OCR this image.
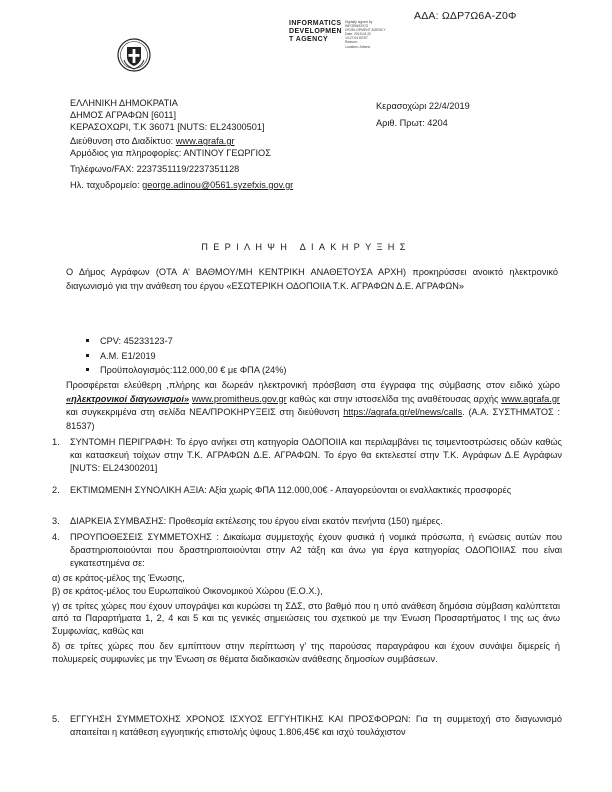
ΑΔΑ: ΩΔΡ7Ω6Α-Ζ0Φ
INFORMATICS
DEVELOPMEN
T AGENCY
Digitally signed by
INFORMATICS
DEVELOPMENT AGENCY
Date: 2019.04.22
13:27:04 EEST
Reason:
Location: Athens
ΕΛΛΗΝΙΚΗ ΔΗΜΟΚΡΑΤΙΑ
ΔΗΜΟΣ ΑΓΡΑΦΩΝ [6011]
ΚΕΡΑΣΟΧΩΡΙ, Τ.Κ 36071 [NUTS: EL24300501]
Διεύθυνση στο Διαδίκτυο: www.agrafa.gr
Αρμόδιος για πληροφορίες: ΑΝΤΙΝΟΥ ΓΕΩΡΓΙΟΣ
Τηλέφωνο/FAX: 2237351119/2237351128
Ηλ. ταχυδρομείο: george.adinou@0561.syzefxis.gov.gr
Κερασοχώρι 22/4/2019
Αριθ. Πρωτ: 4204
ΠΕΡΙΛΗΨΗ ΔΙΑΚΗΡΥΞΗΣ
Ο Δήμος Αγράφων (ΟΤΑ Α’ ΒΑΘΜΟΥ/ΜΗ ΚΕΝΤΡΙΚΗ ΑΝΑΘΕΤΟΥΣΑ ΑΡΧΗ) προκηρύσσει ανοικτό ηλεκτρονικό διαγωνισμό για την ανάθεση του έργου «ΕΣΩΤΕΡΙΚΗ ΟΔΟΠΟΙΙΑ Τ.Κ. ΑΓΡΑΦΩΝ Δ.Ε. ΑΓΡΑΦΩΝ»
CPV: 45233123-7
Α.Μ. Ε1/2019
Προϋπολογισμός:112.000,00 € με ΦΠΑ (24%)
Προσφέρεται ελεύθερη ,πλήρης και δωρεάν ηλεκτρονική πρόσβαση στα έγγραφα της σύμβασης στον ειδικό χώρο «ηλεκτρονικοί διαγωνισμοί» www.promitheus.gov.gr καθώς και στην ιστοσελίδα της αναθέτουσας αρχής www.agrafa.gr και συγκεκριμένα στη σελίδα ΝΕΑ/ΠΡΟΚΗΡΥΞΕΙΣ στη διεύθυνση https://agrafa.gr/el/news/calls. (Α.Α. ΣΥΣΤΗΜΑΤΟΣ : 81537)
1. ΣΥΝΤΟΜΗ ΠΕΡΙΓΡΑΦΗ: Το έργο ανήκει στη κατηγορία ΟΔΟΠΟΙΙΑ και περιλαμβάνει τις τσιμεντοστρώσεις οδών καθώς και κατασκευή τοίχων στην Τ.Κ. ΑΓΡΑΦΩΝ Δ.Ε. ΑΓΡΑΦΩΝ. Το έργο θα εκτελεστεί στην Τ.Κ. Αγράφων Δ.Ε Αγράφων [NUTS: EL24300201]
2. ΕΚΤΙΜΩΜΕΝΗ ΣΥΝΟΛΙΚΗ ΑΞΙΑ: Αξία χωρίς ΦΠΑ 112.000,00€ - Απαγορεύονται οι εναλλακτικές προσφορές
3. ΔΙΑΡΚΕΙΑ ΣΥΜΒΑΣΗΣ: Προθεσμία εκτέλεσης του έργου είναι εκατόν πενήντα (150) ημέρες.
4. ΠΡΟΥΠΟΘΕΣΕΙΣ ΣΥΜΜΕΤΟΧΗΣ : Δικαίωμα συμμετοχής έχουν φυσικά ή νομικά πρόσωπα, ή ενώσεις αυτών που δραστηριοποιούνται που δραστηριοποιούνται στην Α2 τάξη και άνω για έργα κατηγορίας ΟΔΟΠΟΙΙΑΣ που είναι εγκατεστημένα σε:
α) σε κράτος-μέλος της Ένωσης,
β) σε κράτος-μέλος του Ευρωπαϊκού Οικονομικού Χώρου (Ε.Ο.Χ.),
γ) σε τρίτες χώρες που έχουν υπογράψει και κυρώσει τη ΣΔΣ, στο βαθμό που η υπό ανάθεση δημόσια σύμβαση καλύπτεται από τα Παραρτήματα 1, 2, 4 και 5 και τις γενικές σημειώσεις του σχετικού με την Ένωση Προσαρτήματος Ι της ως άνω Συμφωνίας, καθώς και
δ) σε τρίτες χώρες που δεν εμπίπτουν στην περίπτωση γ’ της παρούσας παραγράφου και έχουν συνάψει διμερείς ή πολυμερείς συμφωνίες με την Ένωση σε θέματα διαδικασιών ανάθεσης δημοσίων συμβάσεων.
5. ΕΓΓΥΗΣΗ ΣΥΜΜΕΤΟΧΗΣ ΧΡΟΝΟΣ ΙΣΧΥΟΣ ΕΓΓΥΗΤΙΚΗΣ ΚΑΙ ΠΡΟΣΦΟΡΩΝ: Για τη συμμετοχή στο διαγωνισμό απαιτείται η κατάθεση εγγυητικής επιστολής ύψους 1.806,45€ και ισχύ τουλάχιστον
